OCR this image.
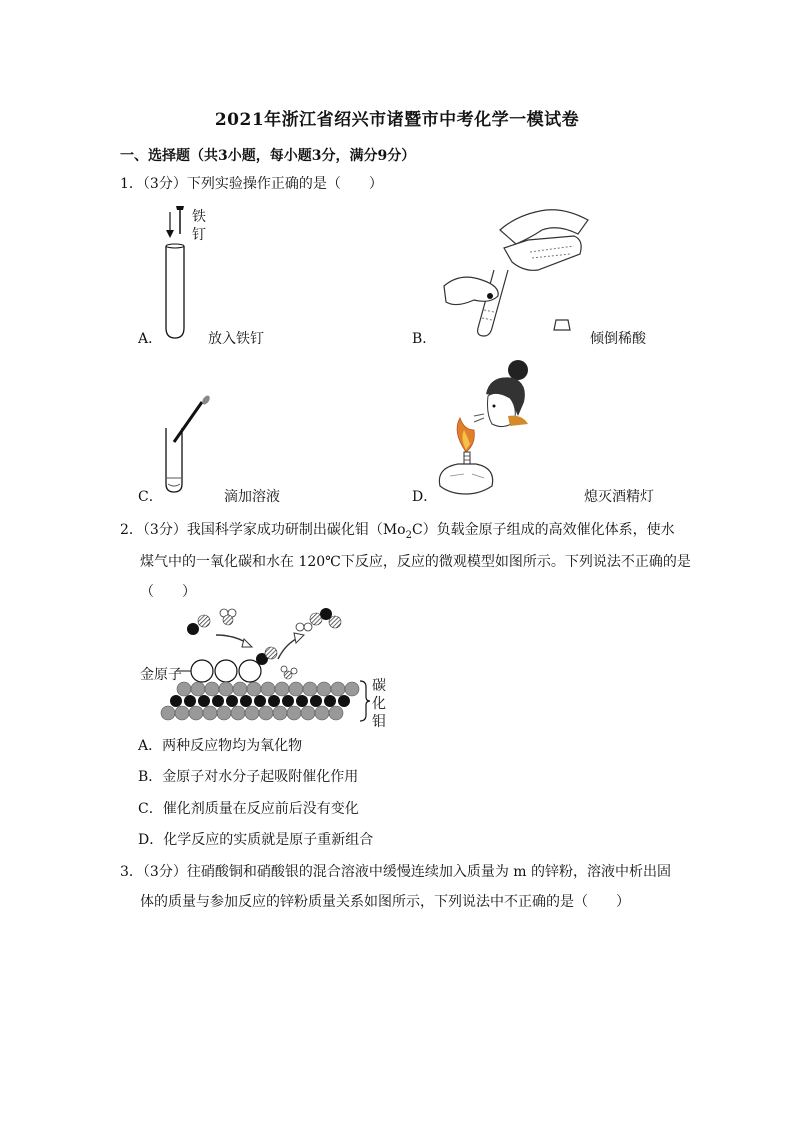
2021年浙江省绍兴市诸暨市中考化学一模试卷
一、选择题（共3小题，每小题3分，满分9分）
1．（3分）下列实验操作正确的是（　　）
铁
钉
A．	放入铁钉	B．	倾倒稀酸
C．	滴加溶液	D．	熄灭酒精灯
2．（3分）我国科学家成功研制出碳化钼$(Mo_2C)$负载金原子组成的高效催化体系，使水
煤气中的一氧化碳和水在 120℃下反应，反应的微观模型如图所示。下列说法不正确的是
（　　）
金原子
碳
化
钼
A．两种反应物均为氧化物
B．金原子对水分子起吸附催化作用
C．催化剂质量在反应前后没有变化
D．化学反应的实质就是原子重新组合
3．（3分）往硝酸铜和硝酸银的混合溶液中缓慢连续加入质量为 m 的锌粉，溶液中析出固
体的质量与参加反应的锌粉质量关系如图所示，下列说法中不正确的是（　　）
